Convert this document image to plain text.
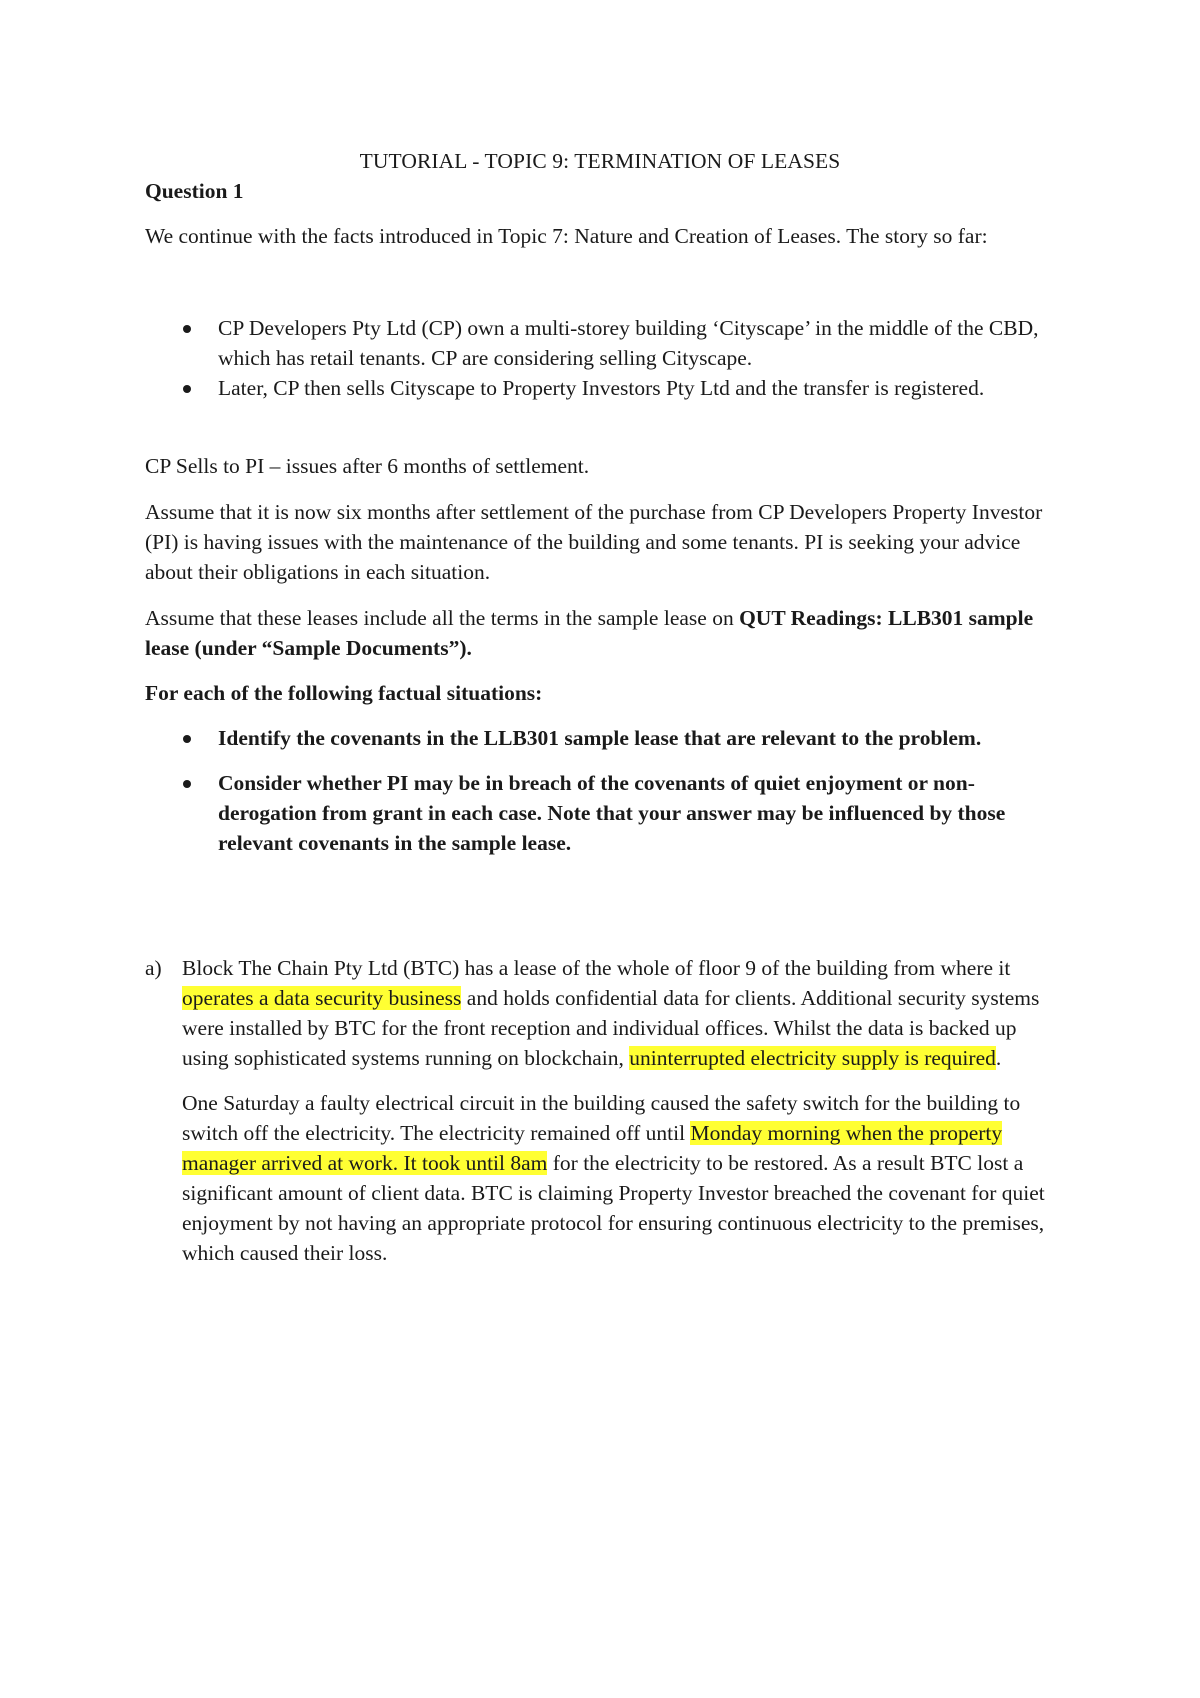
TUTORIAL - TOPIC 9: TERMINATION OF LEASES

Question 1

We continue with the facts introduced in Topic 7: Nature and Creation of Leases. The story so far:

CP Developers Pty Ltd (CP) own a multi-storey building ‘Cityscape’ in the middle of the CBD, which has retail tenants. CP are considering selling Cityscape.
Later, CP then sells Cityscape to Property Investors Pty Ltd and the transfer is registered.

CP Sells to PI – issues after 6 months of settlement.

Assume that it is now six months after settlement of the purchase from CP Developers Property Investor (PI) is having issues with the maintenance of the building and some tenants. PI is seeking your advice about their obligations in each situation.

Assume that these leases include all the terms in the sample lease on QUT Readings: LLB301 sample lease (under “Sample Documents”).

For each of the following factual situations:

Identify the covenants in the LLB301 sample lease that are relevant to the problem.
Consider whether PI may be in breach of the covenants of quiet enjoyment or non-derogation from grant in each case. Note that your answer may be influenced by those relevant covenants in the sample lease.
a) Block The Chain Pty Ltd (BTC) has a lease of the whole of floor 9 of the building from where it operates a data security business and holds confidential data for clients. Additional security systems were installed by BTC for the front reception and individual offices. Whilst the data is backed up using sophisticated systems running on blockchain, uninterrupted electricity supply is required.

One Saturday a faulty electrical circuit in the building caused the safety switch for the building to switch off the electricity. The electricity remained off until Monday morning when the property manager arrived at work. It took until 8am for the electricity to be restored. As a result BTC lost a significant amount of client data. BTC is claiming Property Investor breached the covenant for quiet enjoyment by not having an appropriate protocol for ensuring continuous electricity to the premises, which caused their loss.
